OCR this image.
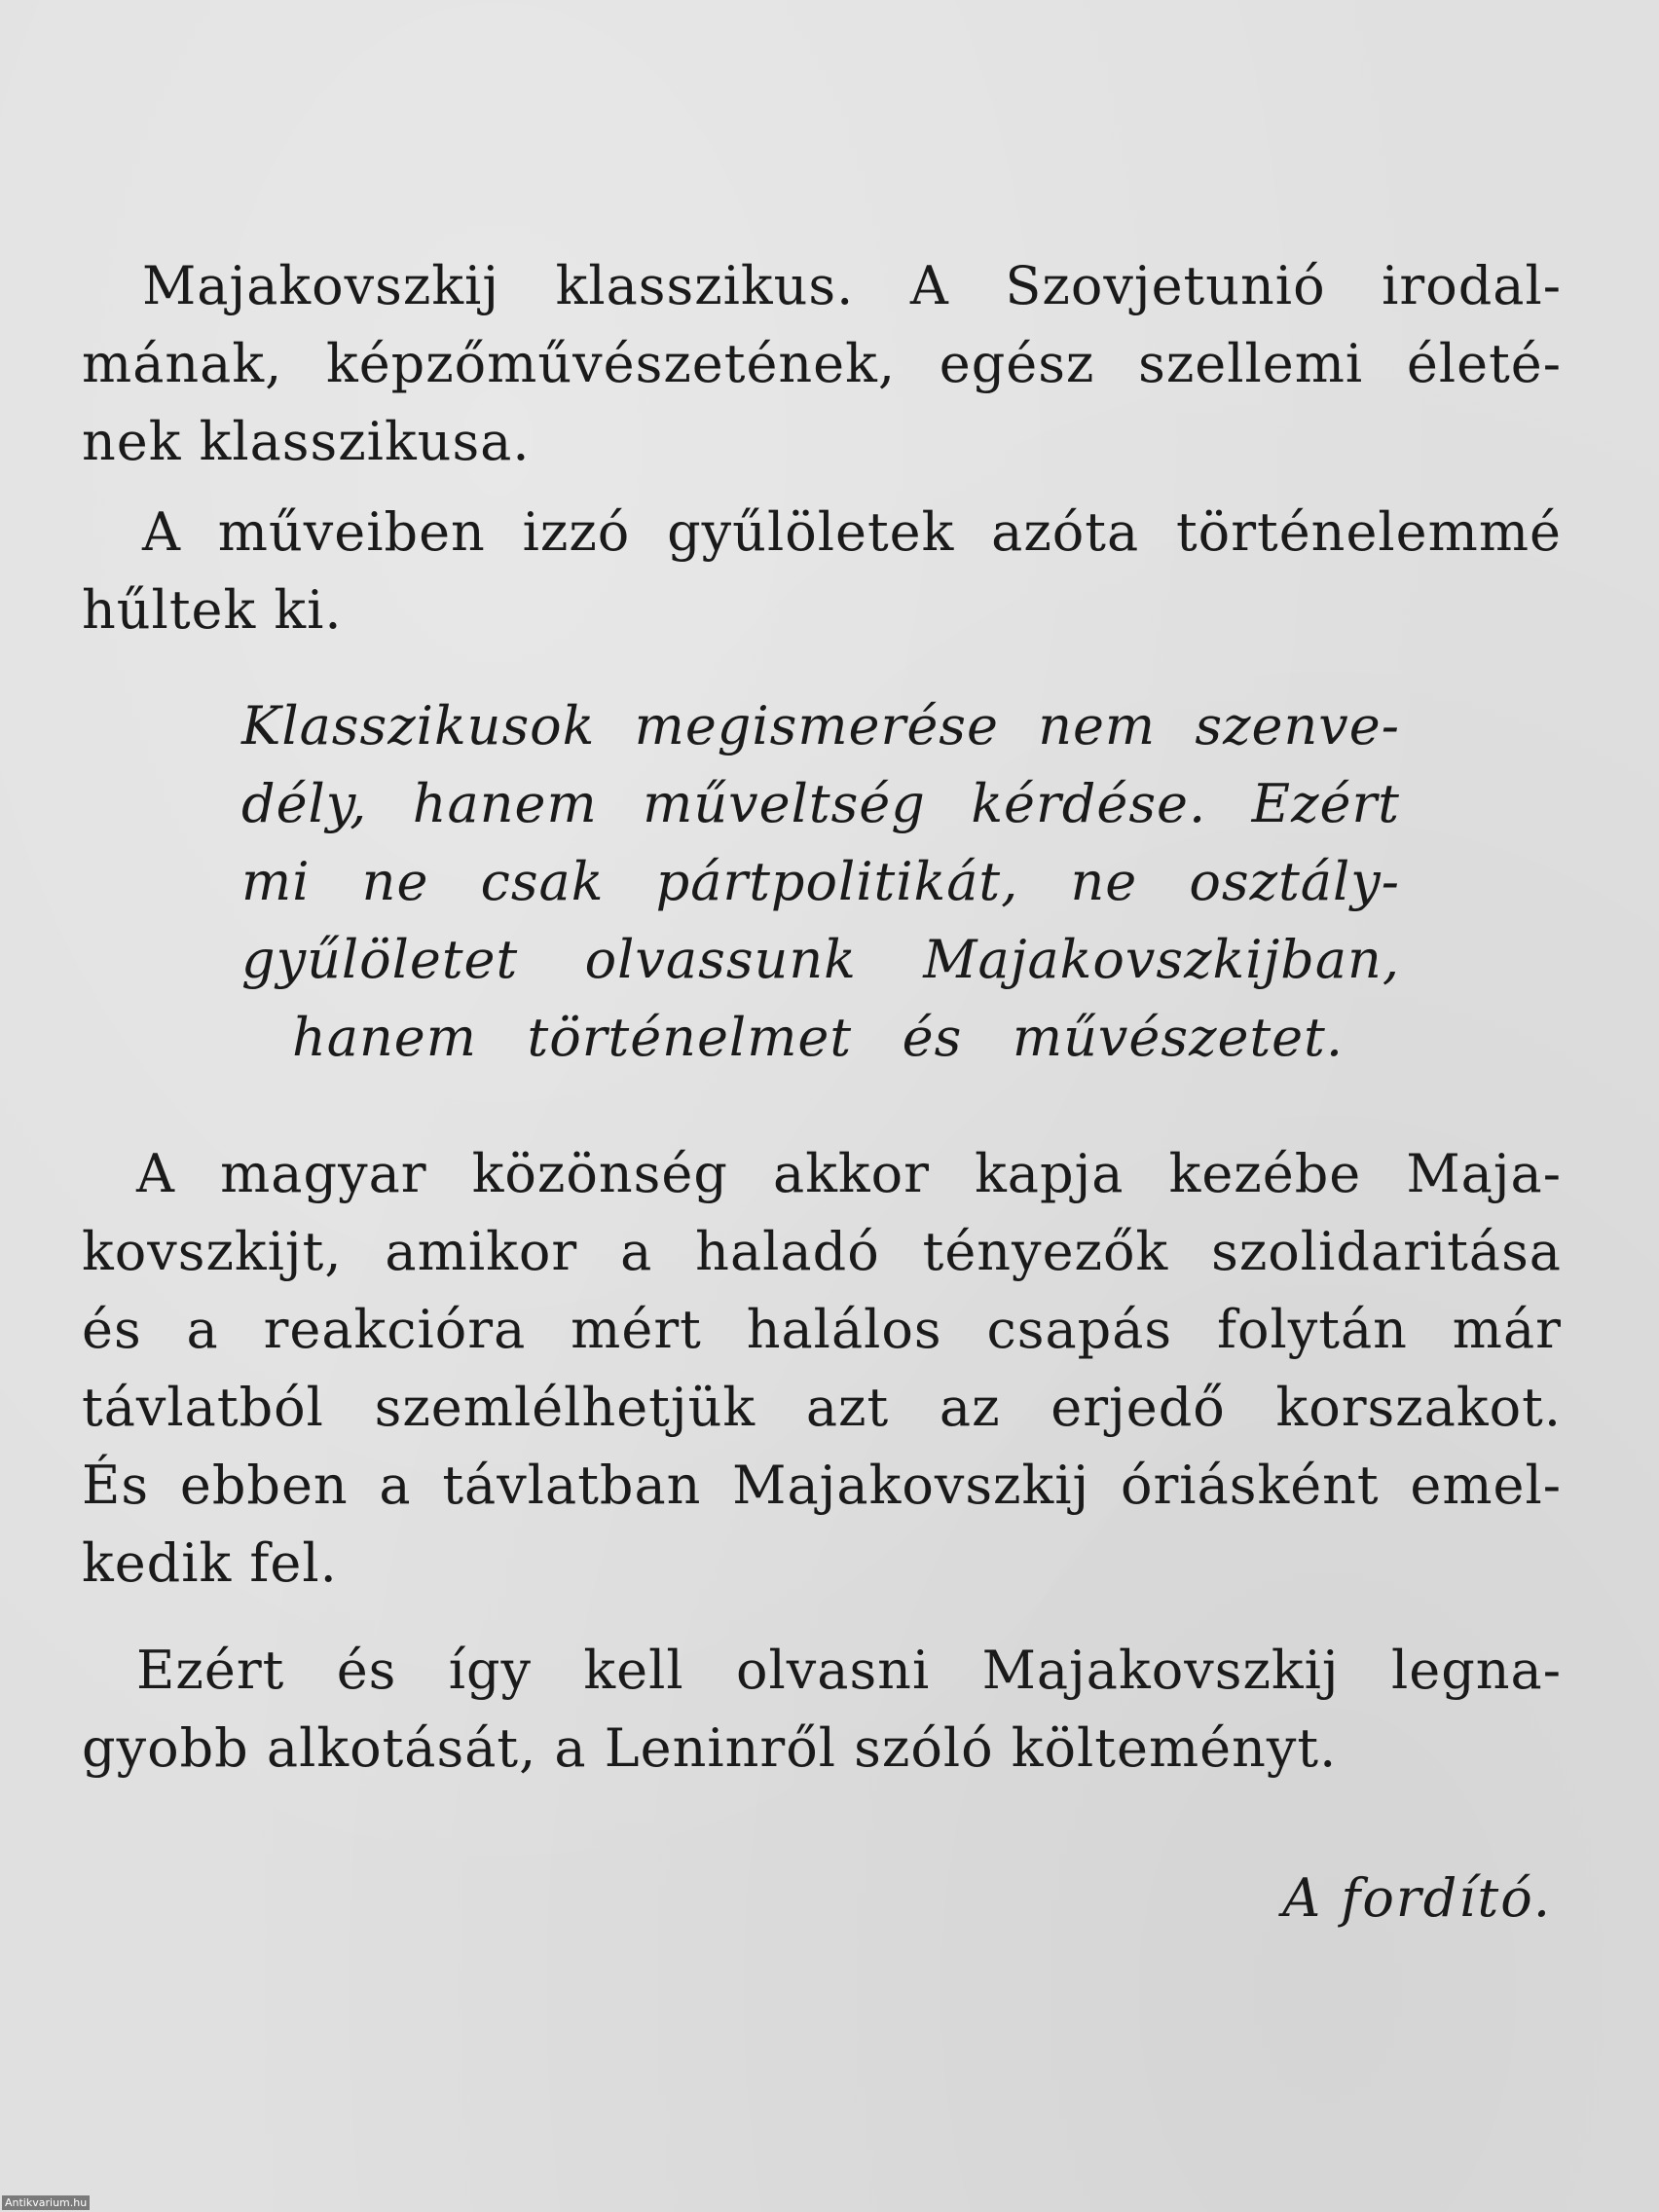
Majakovszkij klasszikus. A Szovjetunió irodal-
mának, képzőművészetének, egész szellemi életé-
nek klasszikusa.
A műveiben izzó gyűlöletek azóta történelemmé
hűltek ki.
Klasszikusok megismerése nem szenve-
dély, hanem műveltség kérdése. Ezért
mi ne csak pártpolitikát, ne osztály-
gyűlöletet olvassunk Majakovszkijban,
hanem történelmet és művészetet.
A magyar közönség akkor kapja kezébe Maja-
kovszkijt, amikor a haladó tényezők szolidaritása
és a reakcióra mért halálos csapás folytán már
távlatból szemlélhetjük azt az erjedő korszakot.
És ebben a távlatban Majakovszkij óriásként emel-
kedik fel.
Ezért és így kell olvasni Majakovszkij legna-
gyobb alkotását, a Leninről szóló költeményt.
A fordító.
Antikvarium.hu
